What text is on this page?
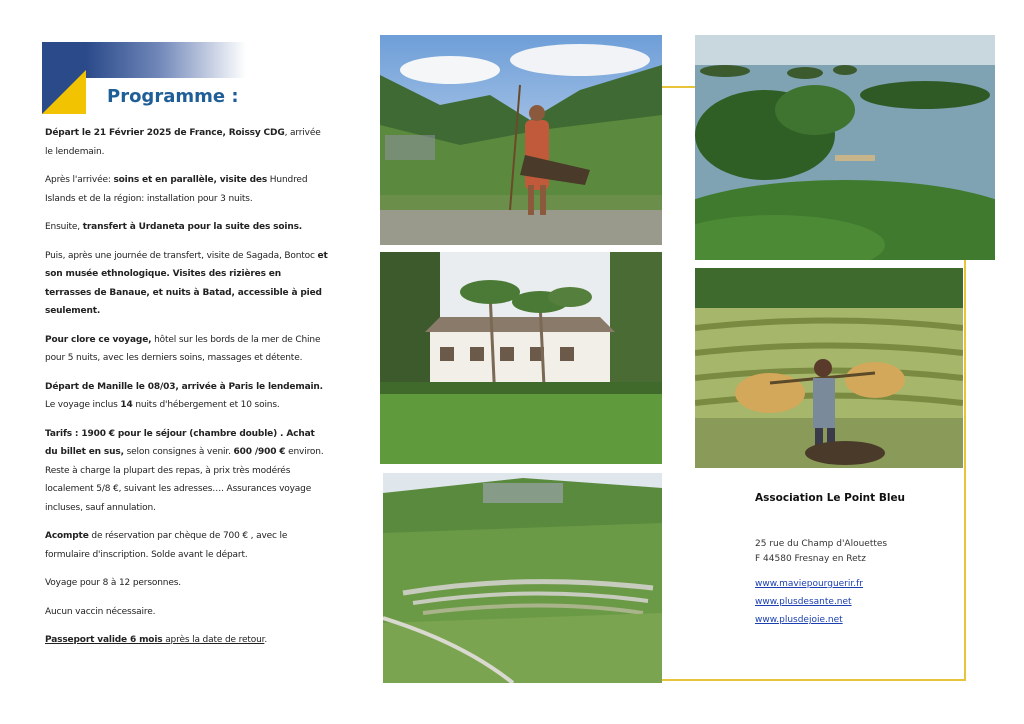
Programme :

Départ le 21 Février 2025 de France, Roissy CDG, arrivée le lendemain.

Après l'arrivée: soins et en parallèle, visite des Hundred Islands et de la région: installation pour 3 nuits.

Ensuite, transfert à Urdaneta pour la suite des soins.

Puis, après une journée de transfert, visite de Sagada, Bontoc et son musée ethnologique. Visites des rizières en terrasses de Banaue, et nuits à Batad, accessible à pied seulement.

Pour clore ce voyage, hôtel sur les bords de la mer de Chine pour 5 nuits, avec les derniers soins, massages et détente.

Départ de Manille le 08/03, arrivée à Paris le lendemain. Le voyage inclus 14 nuits d'hébergement et 10 soins.

Tarifs : 1900 € pour le séjour (chambre double) . Achat du billet en sus, selon consignes à venir. 600 /900 € environ. Reste à charge la plupart des repas, à prix très modérés localement 5/8 €, suivant les adresses…. Assurances voyage incluses, sauf annulation.

Acompte de réservation par chèque de 700 € , avec le formulaire d'inscription. Solde avant le départ.

Voyage pour 8 à 12 personnes.

Aucun vaccin nécessaire.

Passeport valide 6 mois après la date de retour.

Association Le Point Bleu
25 rue du Champ d'Alouettes
F 44580 Fresnay en Retz
www.maviepourguerir.fr
www.plusdesante.net
www.plusdejoie.net
